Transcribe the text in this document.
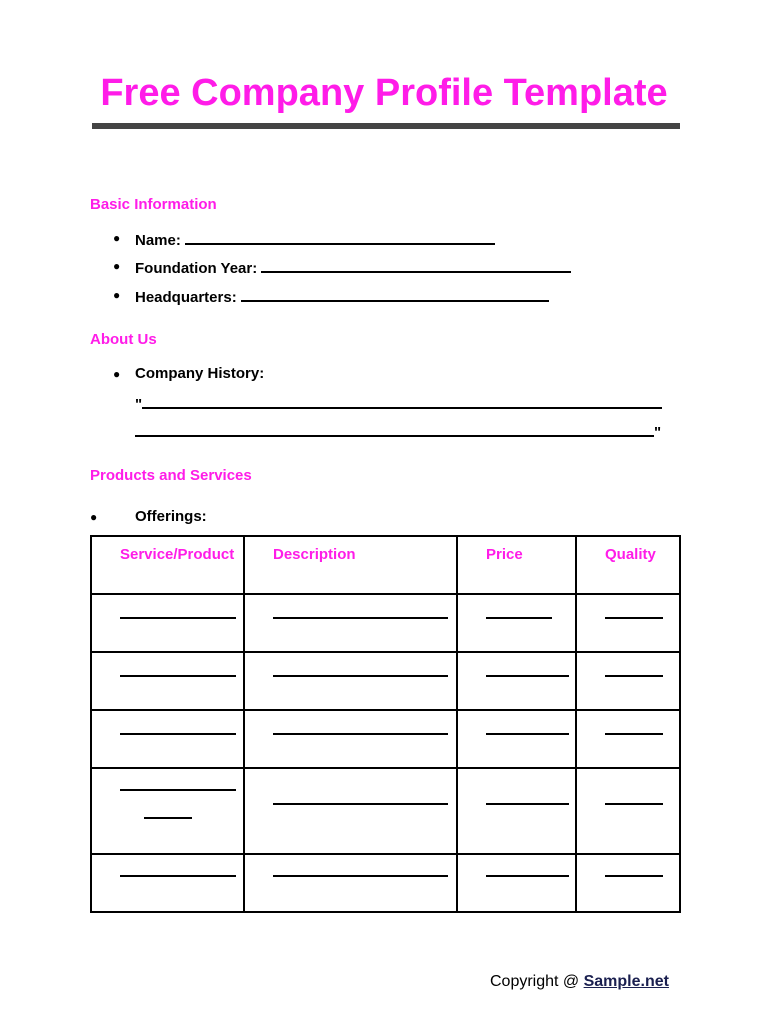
Free Company Profile Template
Basic Information
● Name:
● Foundation Year:
● Headquarters:
About Us
● Company History:
"
"
Products and Services
●	Offerings:
Service/Product	Description	Price	Quality

Copyright @ Sample.net
